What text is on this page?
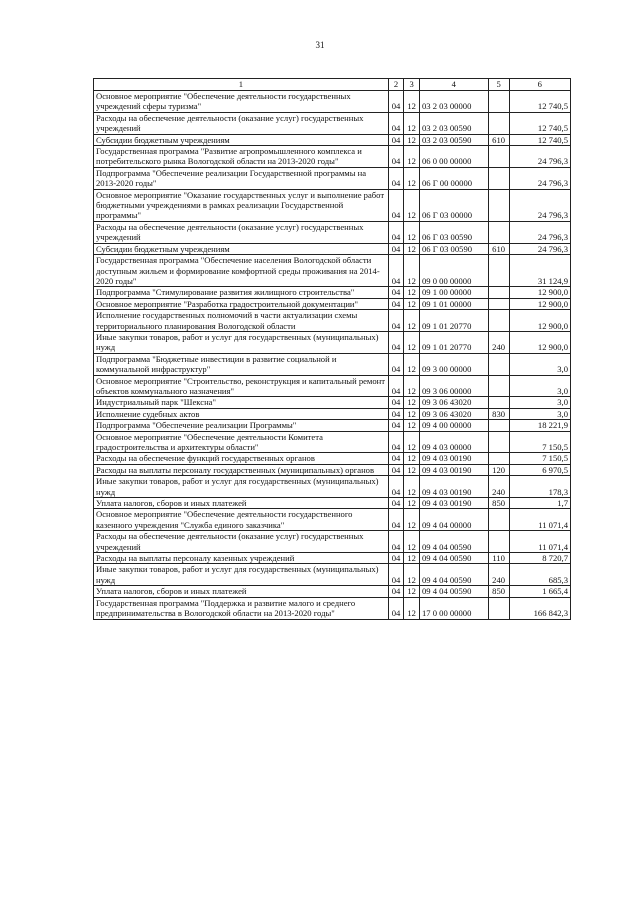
31
1	2	3	4	5	6
Основное мероприятие "Обеспечение деятельности государственных учреждений сферы туризма"	04	12	03 2 03 00000		12 740,5
Расходы на обеспечение деятельности (оказание услуг) государственных учреждений	04	12	03 2 03 00590		12 740,5
Субсидии бюджетным учреждениям	04	12	03 2 03 00590	610	12 740,5
Государственная программа "Развитие агропромышленного комплекса и потребительского рынка Вологодской области на 2013-2020 годы"	04	12	06 0 00 00000		24 796,3
Подпрограмма "Обеспечение реализации Государственной программы на 2013-2020 годы"	04	12	06 Г 00 00000		24 796,3
Основное мероприятие "Оказание государственных услуг и выполнение работ бюджетными учреждениями в рамках реализации Государственной программы"	04	12	06 Г 03 00000		24 796,3
Расходы на обеспечение деятельности (оказание услуг) государственных учреждений	04	12	06 Г 03 00590		24 796,3
Субсидии бюджетным учреждениям	04	12	06 Г 03 00590	610	24 796,3
Государственная программа "Обеспечение населения Вологодской области доступным жильем и формирование комфортной среды проживания на 2014-2020 годы"	04	12	09 0 00 00000		31 124,9
Подпрограмма "Стимулирование развития жилищного строительства"	04	12	09 1 00 00000		12 900,0
Основное мероприятие "Разработка градостроительной документации"	04	12	09 1 01 00000		12 900,0
Исполнение государственных полномочий в части актуализации схемы территориального планирования Вологодской области	04	12	09 1 01 20770		12 900,0
Иные закупки товаров, работ и услуг для государственных (муниципальных) нужд	04	12	09 1 01 20770	240	12 900,0
Подпрограмма "Бюджетные инвестиции в развитие социальной и коммунальной инфраструктур"	04	12	09 3 00 00000		3,0
Основное мероприятие "Строительство, реконструкция и капитальный ремонт объектов коммунального назначения"	04	12	09 3 06 00000		3,0
Индустриальный парк "Шексна"	04	12	09 3 06 43020		3,0
Исполнение судебных актов	04	12	09 3 06 43020	830	3,0
Подпрограмма "Обеспечение реализации Программы"	04	12	09 4 00 00000		18 221,9
Основное мероприятие "Обеспечение деятельности Комитета градостроительства и архитектуры области"	04	12	09 4 03 00000		7 150,5
Расходы на обеспечение функций государственных органов	04	12	09 4 03 00190		7 150,5
Расходы на выплаты персоналу государственных (муниципальных) органов	04	12	09 4 03 00190	120	6 970,5
Иные закупки товаров, работ и услуг для государственных (муниципальных) нужд	04	12	09 4 03 00190	240	178,3
Уплата налогов, сборов и иных платежей	04	12	09 4 03 00190	850	1,7
Основное мероприятие "Обеспечение деятельности государственного казенного учреждения "Служба единого заказчика"	04	12	09 4 04 00000		11 071,4
Расходы на обеспечение деятельности (оказание услуг) государственных учреждений	04	12	09 4 04 00590		11 071,4
Расходы на выплаты персоналу казенных учреждений	04	12	09 4 04 00590	110	8 720,7
Иные закупки товаров, работ и услуг для государственных (муниципальных) нужд	04	12	09 4 04 00590	240	685,3
Уплата налогов, сборов и иных платежей	04	12	09 4 04 00590	850	1 665,4
Государственная программа "Поддержка и развитие малого и среднего предпринимательства в Вологодской области на 2013-2020 годы"	04	12	17 0 00 00000		166 842,3
